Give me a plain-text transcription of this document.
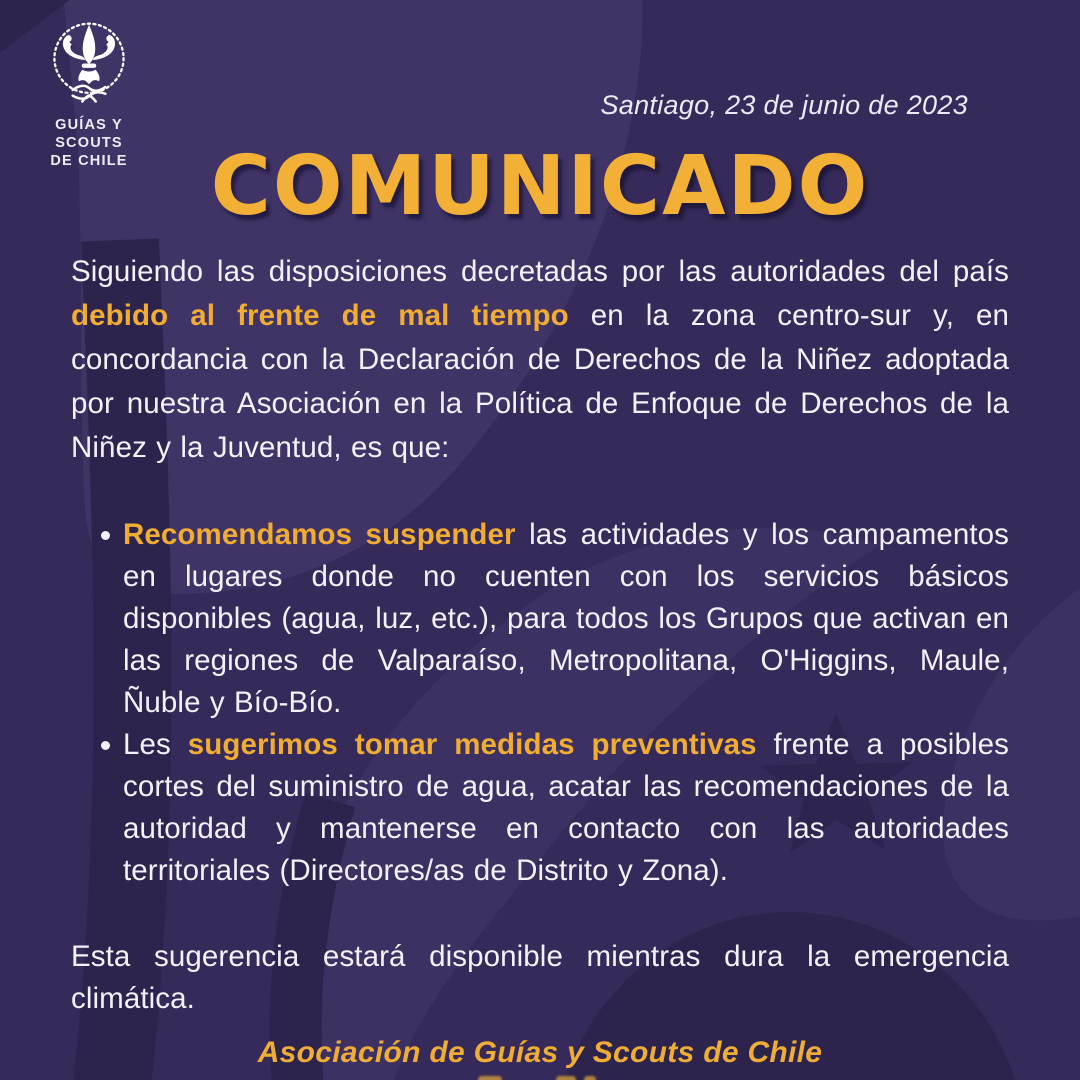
GUÍAS Y SCOUTS
DE CHILE
Santiago, 23 de junio de 2023
COMUNICADO

Siguiendo las disposiciones decretadas por las autoridades del país debido al frente de mal tiempo en la zona centro-sur y, en concordancia con la Declaración de Derechos de la Niñez adoptada por nuestra Asociación en la Política de Enfoque de Derechos de la Niñez y la Juventud, es que:

Recomendamos suspender las actividades y los campamentos en lugares donde no cuenten con los servicios básicos disponibles (agua, luz, etc.), para todos los Grupos que activan en las regiones de Valparaíso, Metropolitana, O'Higgins, Maule, Ñuble y Bío-Bío.
Les sugerimos tomar medidas preventivas frente a posibles cortes del suministro de agua, acatar las recomendaciones de la autoridad y mantenerse en contacto con las autoridades territoriales (Directores/as de Distrito y Zona).

Esta sugerencia estará disponible mientras dura la emergencia climática.

Asociación de Guías y Scouts de Chile
